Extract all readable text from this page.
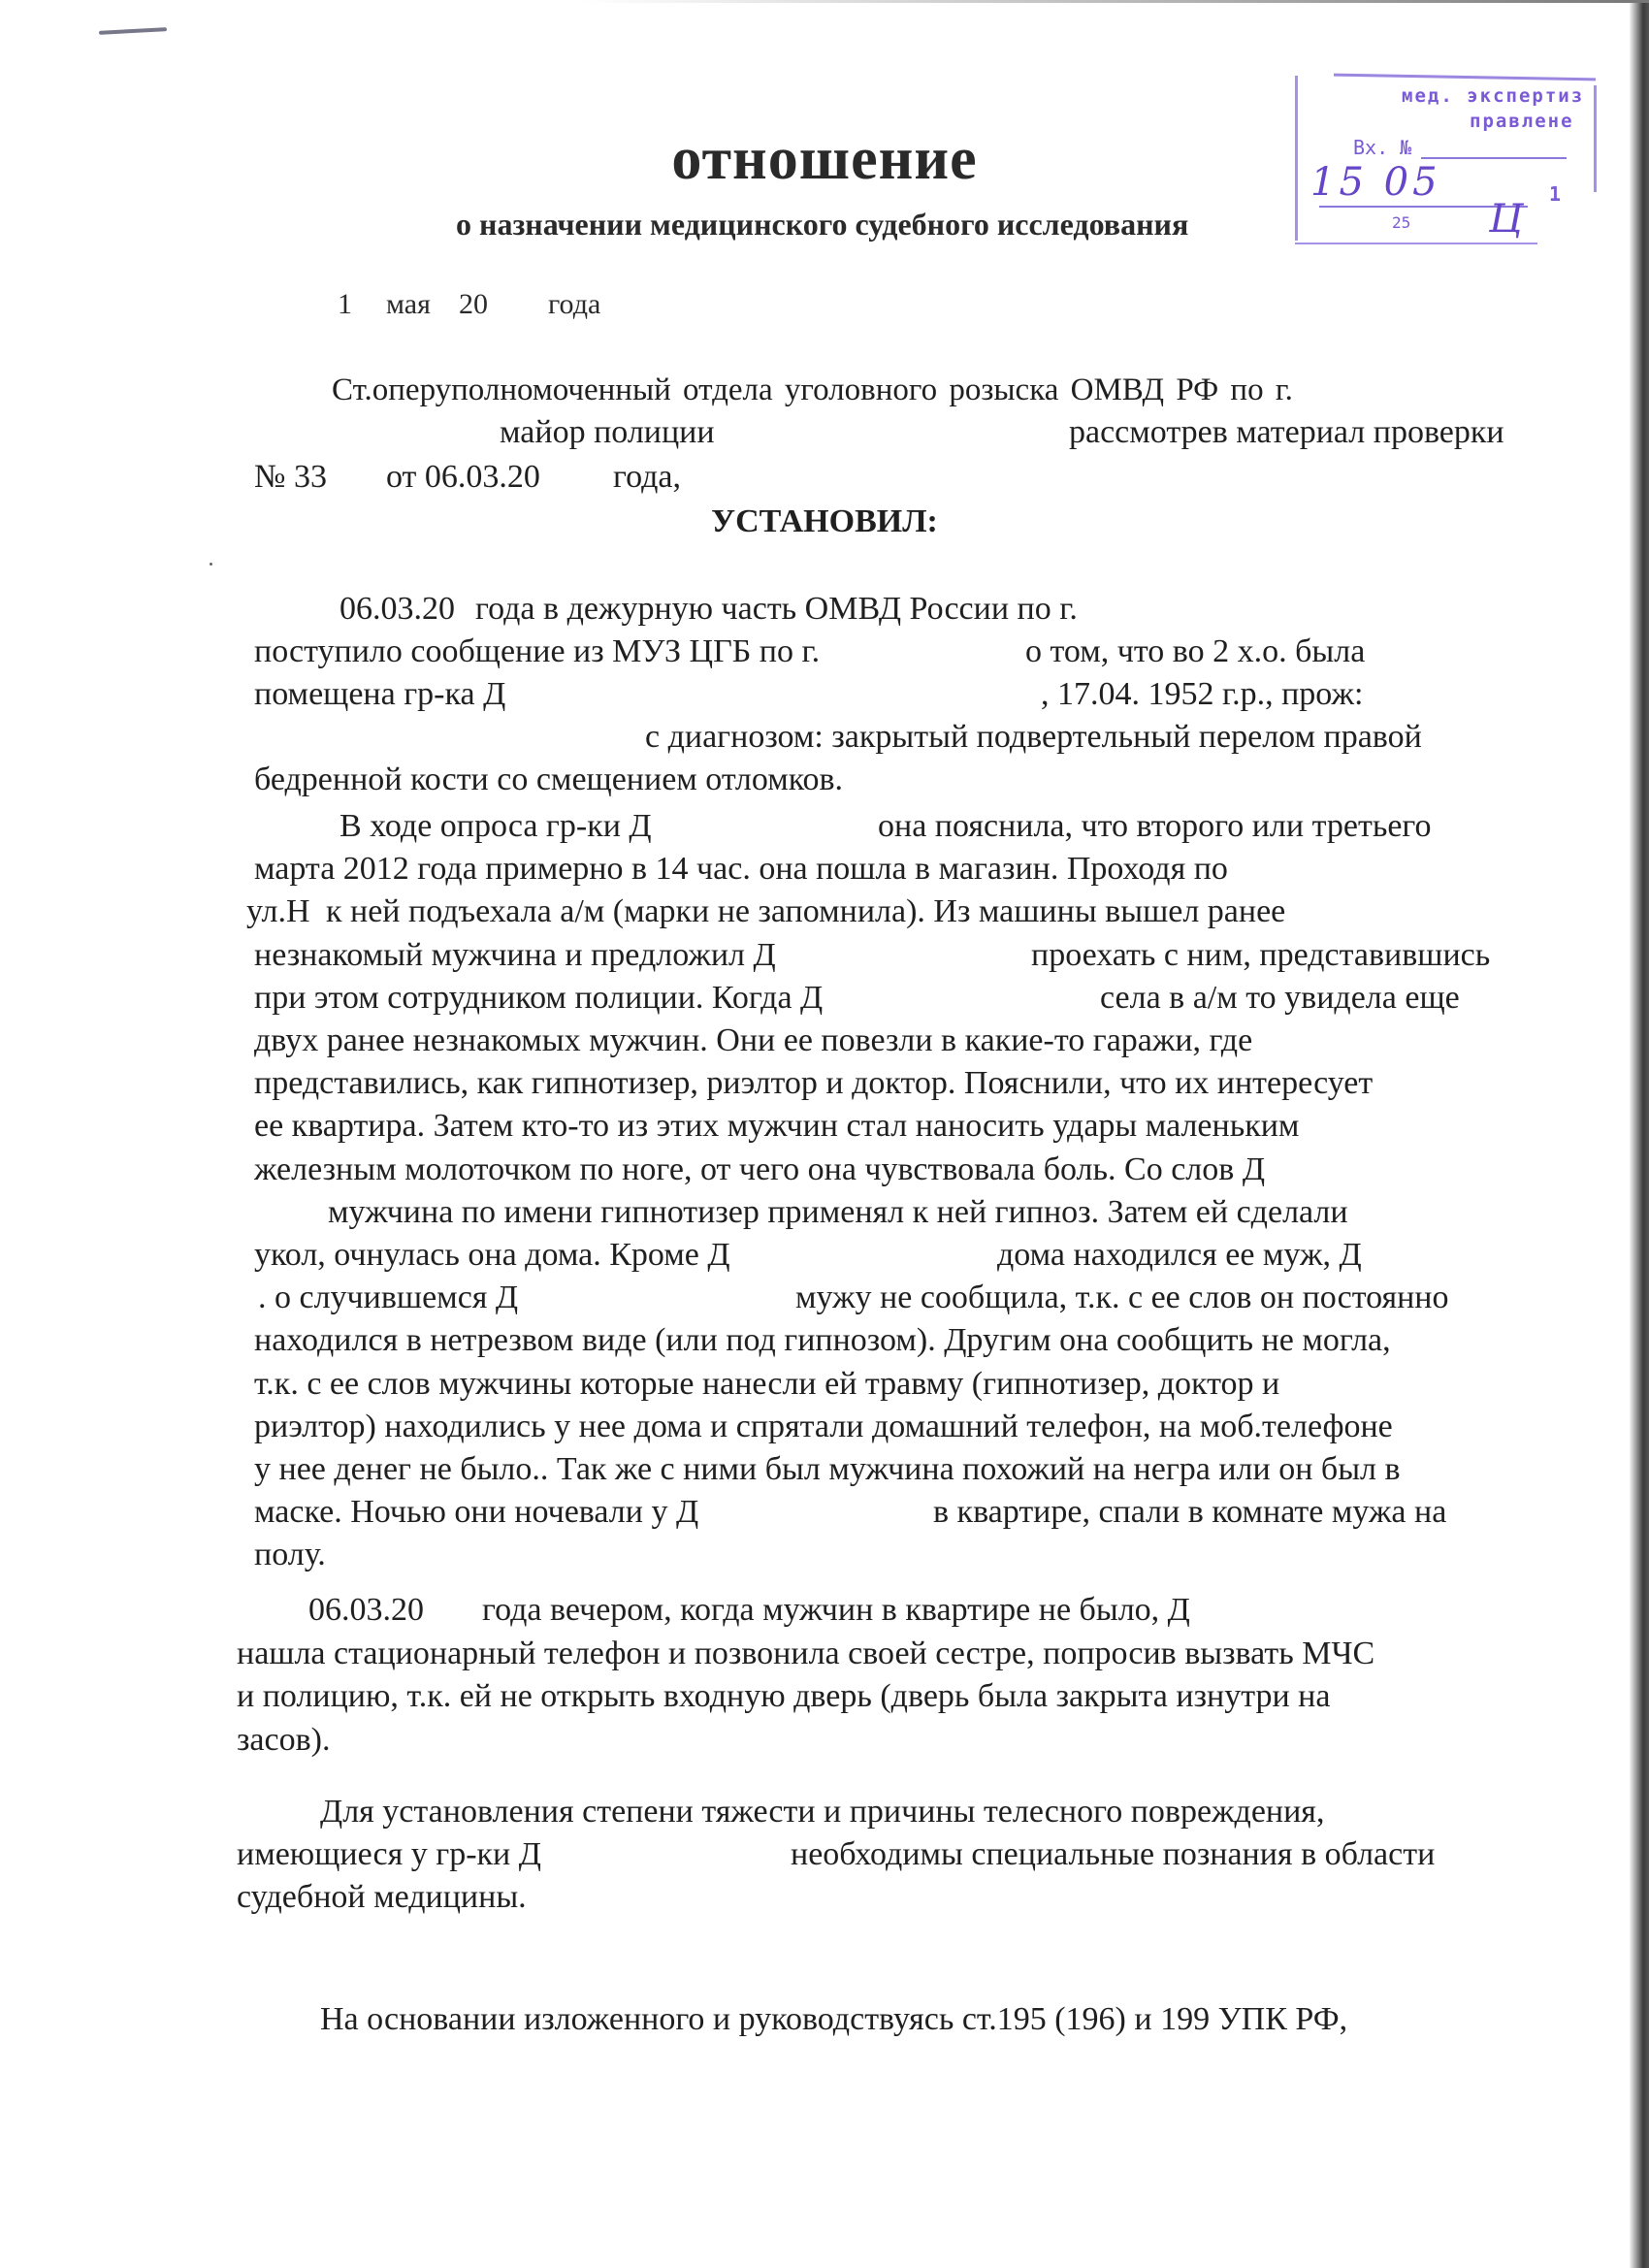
мед. экспертиз
правлене
Вх. №
15 05	1
25 Ц
отношение
о назначении медицинского судебного исследования
1 мая 20 года
Ст.оперуполномоченный отдела уголовного розыска ОМВД РФ по г.
майор полиции	рассмотрев материал проверки
№ 33 от 06.03.20 года,
УСТАНОВИЛ:
06.03.20 года в дежурную часть ОМВД России по г.
поступило сообщение из МУЗ ЦГБ по г.	о том, что во 2 х.о. была
помещена гр-ка Д	, 17.04. 1952 г.р., прож:
с диагнозом: закрытый подвертельный перелом правой
бедренной кости со смещением отломков.
В ходе опроса гр-ки Д	она пояснила, что второго или третьего
марта 2012 года примерно в 14 час. она пошла в магазин. Проходя по
ул.Н к ней подъехала а/м (марки не запомнила). Из машины вышел ранее
незнакомый мужчина и предложил Д	проехать с ним, представившись
при этом сотрудником полиции. Когда Д	села в а/м то увидела еще
двух ранее незнакомых мужчин. Они ее повезли в какие-то гаражи, где
представились, как гипнотизер, риэлтор и доктор. Пояснили, что их интересует
ее квартира. Затем кто-то из этих мужчин стал наносить удары маленьким
железным молоточком по ноге, от чего она чувствовала боль. Со слов Д
мужчина по имени гипнотизер применял к ней гипноз. Затем ей сделали
укол, очнулась она дома. Кроме Д	дома находился ее муж, Д
. о случившемся Д	мужу не сообщила, т.к. с ее слов он постоянно
находился в нетрезвом виде (или под гипнозом). Другим она сообщить не могла,
т.к. с ее слов мужчины которые нанесли ей травму (гипнотизер, доктор и
риэлтор) находились у нее дома и спрятали домашний телефон, на моб.телефоне
у нее денег не было.. Так же с ними был мужчина похожий на негра или он был в
маске. Ночью они ночевали у Д	в квартире, спали в комнате мужа на
полу.
06.03.20 года вечером, когда мужчин в квартире не было, Д
нашла стационарный телефон и позвонила своей сестре, попросив вызвать МЧС
и полицию, т.к. ей не открыть входную дверь (дверь была закрыта изнутри на
засов).
Для установления степени тяжести и причины телесного повреждения,
имеющиеся у гр-ки Д	необходимы специальные познания в области
судебной медицины.
На основании изложенного и руководствуясь ст.195 (196) и 199 УПК РФ,
